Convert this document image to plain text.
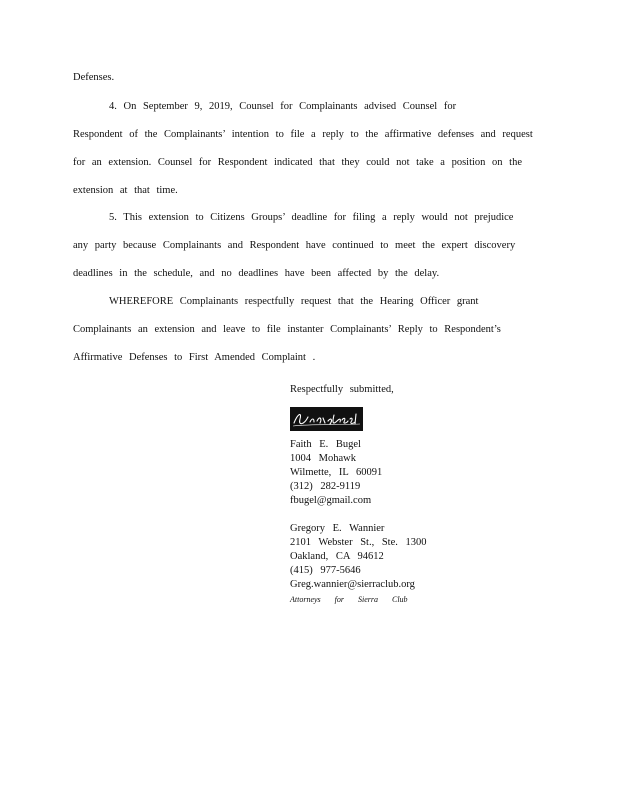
Defenses.
4. On September 9, 2019, Counsel for Complainants advised Counsel for
Respondent of the Complainants’ intention to file a reply to the affirmative defenses and request
for an extension. Counsel for Respondent indicated that they could not take a position on the
extension at that time.
5. This extension to Citizens Groups’ deadline for filing a reply would not prejudice
any party because Complainants and Respondent have continued to meet the expert discovery
deadlines in the schedule, and no deadlines have been affected by the delay.
WHEREFORE Complainants respectfully request that the Hearing Officer grant
Complainants an extension and leave to file instanter Complainants’ Reply to Respondent’s
Affirmative Defenses to First Amended Complaint .
Respectfully submitted,
Faith E. Bugel
1004 Mohawk
Wilmette, IL 60091
(312) 282-9119
fbugel@gmail.com
Gregory E. Wannier
2101 Webster St., Ste. 1300
Oakland, CA 94612
(415) 977-5646
Greg.wannier@sierraclub.org
Attorneys for Sierra Club
